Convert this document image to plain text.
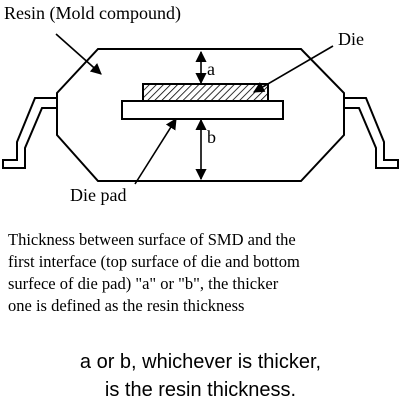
a
b
Resin (Mold compound)
Die
Die pad
Thickness between surface of SMD and the
first interface (top surface of die and bottom
surfece of die pad) "a" or "b", the thicker
one is defined as the resin thickness
a or b, whichever is thicker,
is the resin thickness.
